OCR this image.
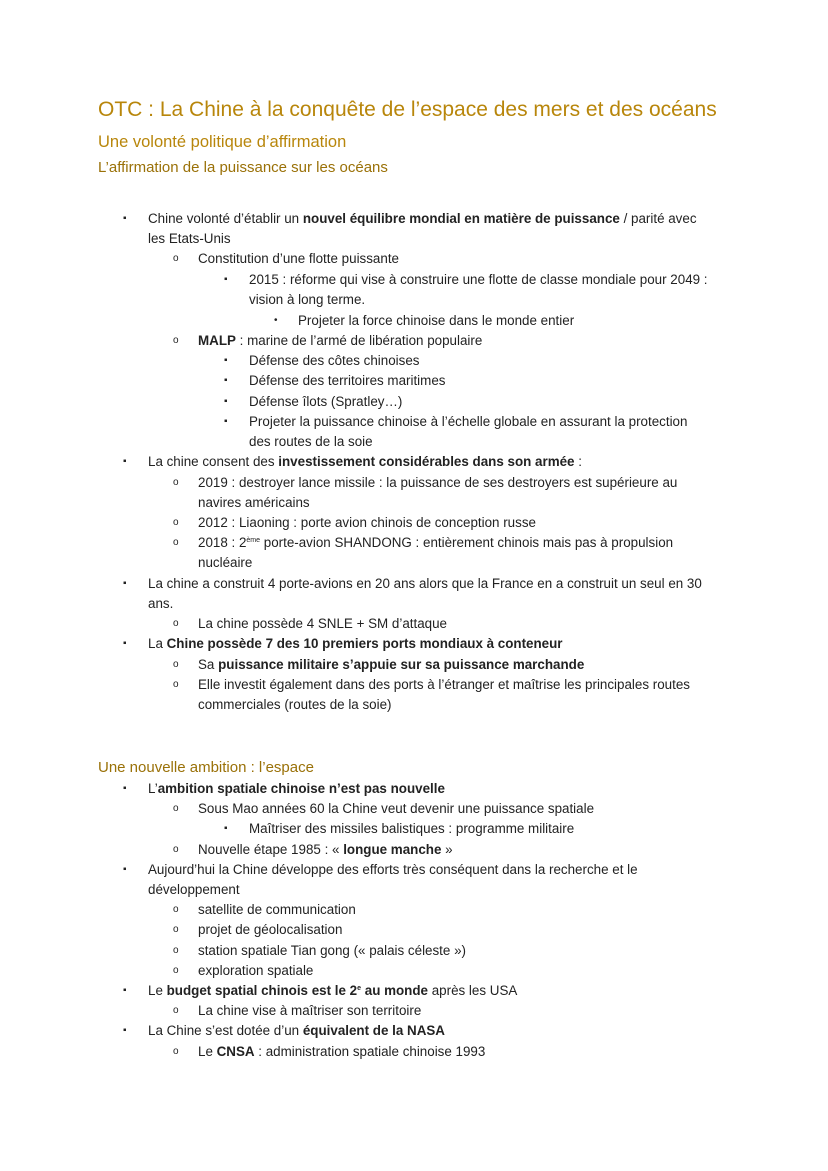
OTC : La Chine à la conquête de l’espace des mers et des océans
Une volonté politique d’affirmation
L’affirmation de la puissance sur les océans
▪ Chine volonté d’établir un nouvel équilibre mondial en matière de puissance / parité avec
les Etats-Unis
o Constitution d’une flotte puissante
▪ 2015 : réforme qui vise à construire une flotte de classe mondiale pour 2049 :
vision à long terme.
• Projeter la force chinoise dans le monde entier
o MALP : marine de l’armé de libération populaire
▪ Défense des côtes chinoises
▪ Défense des territoires maritimes
▪ Défense îlots (Spratley…)
▪ Projeter la puissance chinoise à l’échelle globale en assurant la protection
des routes de la soie
▪ La chine consent des investissement considérables dans son armée :
o 2019 : destroyer lance missile : la puissance de ses destroyers est supérieure au
navires américains
o 2012 : Liaoning : porte avion chinois de conception russe
o 2018 : 2ème porte-avion SHANDONG : entièrement chinois mais pas à propulsion
nucléaire
▪ La chine a construit 4 porte-avions en 20 ans alors que la France en a construit un seul en 30
ans.
o La chine possède 4 SNLE + SM d’attaque
▪ La Chine possède 7 des 10 premiers ports mondiaux à conteneur
o Sa puissance militaire s’appuie sur sa puissance marchande
o Elle investit également dans des ports à l’étranger et maîtrise les principales routes
commerciales (routes de la soie)
Une nouvelle ambition : l’espace
▪ L’ambition spatiale chinoise n’est pas nouvelle
o Sous Mao années 60 la Chine veut devenir une puissance spatiale
▪ Maîtriser des missiles balistiques : programme militaire
o Nouvelle étape 1985 : « longue manche »
▪ Aujourd’hui la Chine développe des efforts très conséquent dans la recherche et le
développement
o satellite de communication
o projet de géolocalisation
o station spatiale Tian gong (« palais céleste »)
o exploration spatiale
▪ Le budget spatial chinois est le 2e au monde après les USA
o La chine vise à maîtriser son territoire
▪ La Chine s’est dotée d’un équivalent de la NASA
o Le CNSA : administration spatiale chinoise 1993
